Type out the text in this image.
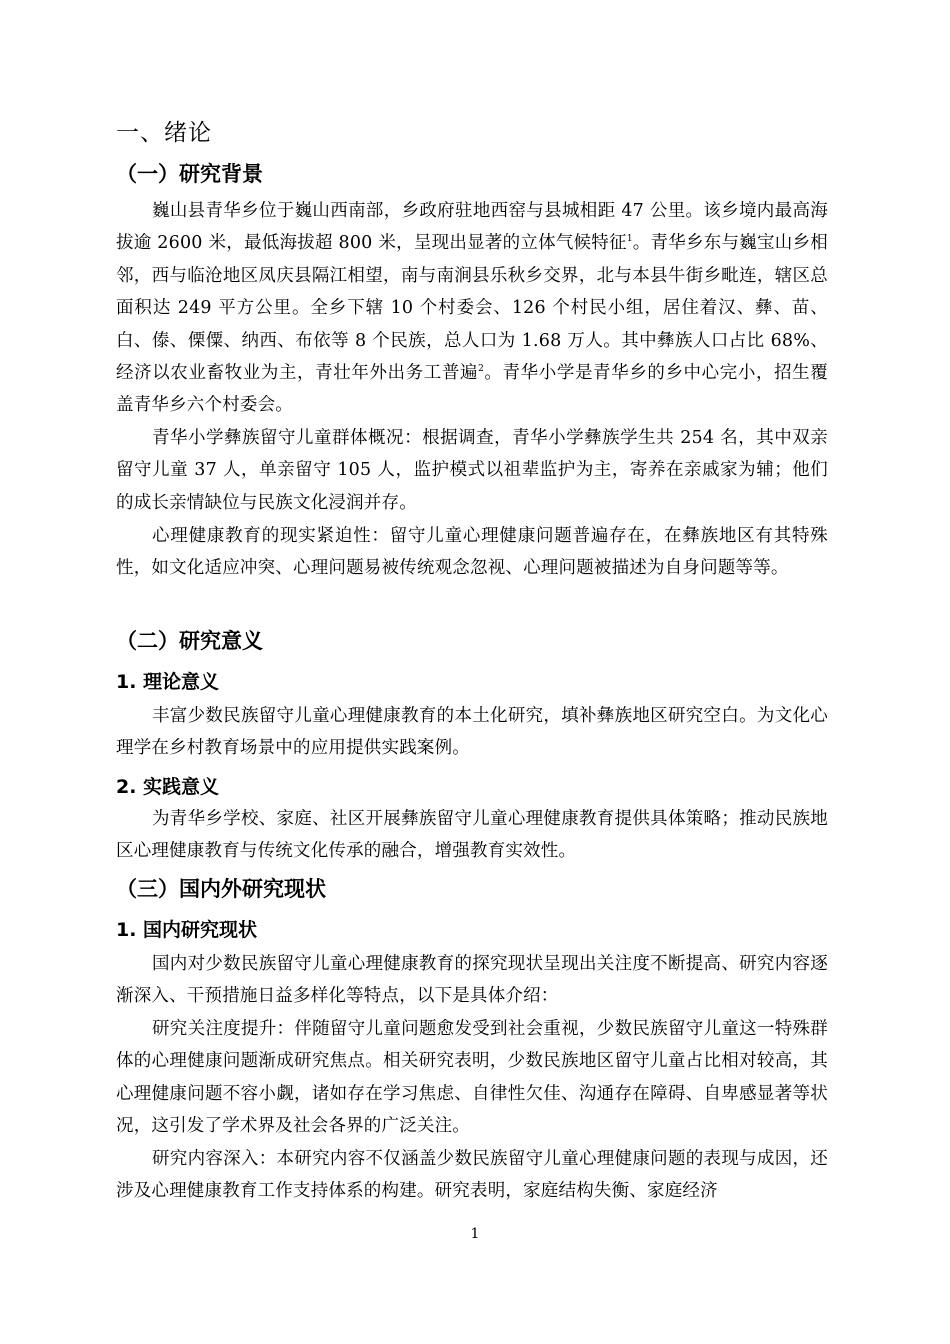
一、绪论
（一）研究背景

巍山县青华乡位于巍山西南部，乡政府驻地西窑与县城相距 47 公里。该乡境内最高海拔逾 2600 米，最低海拔超 800 米，呈现出显著的立体气候特征$^1$。青华乡东与巍宝山乡相邻，西与临沧地区凤庆县隔江相望，南与南涧县乐秋乡交界，北与本县牛街乡毗连，辖区总面积达 249 平方公里。全乡下辖 10 个村委会、126 个村民小组，居住着汉、彝、苗、白、傣、傈僳、纳西、布依等 8 个民族，总人口为 1.68 万人。其中彝族人口占比 68%、经济以农业畜牧业为主，青壮年外出务工普遍$^2$。青华小学是青华乡的乡中心完小，招生覆盖青华乡六个村委会。

青华小学彝族留守儿童群体概况：根据调查，青华小学彝族学生共 254 名，其中双亲留守儿童 37 人，单亲留守 105 人，监护模式以祖辈监护为主，寄养在亲戚家为辅；他们的成长亲情缺位与民族文化浸润并存。

心理健康教育的现实紧迫性：留守儿童心理健康问题普遍存在，在彝族地区有其特殊性，如文化适应冲突、心理问题易被传统观念忽视、心理问题被描述为自身问题等等。

（二）研究意义
1. 理论意义

丰富少数民族留守儿童心理健康教育的本土化研究，填补彝族地区研究空白。为文化心理学在乡村教育场景中的应用提供实践案例。

2. 实践意义

为青华乡学校、家庭、社区开展彝族留守儿童心理健康教育提供具体策略；推动民族地区心理健康教育与传统文化传承的融合，增强教育实效性。

（三）国内外研究现状
1. 国内研究现状

国内对少数民族留守儿童心理健康教育的探究现状呈现出关注度不断提高、研究内容逐渐深入、干预措施日益多样化等特点，以下是具体介绍：

研究关注度提升：伴随留守儿童问题愈发受到社会重视，少数民族留守儿童这一特殊群体的心理健康问题渐成研究焦点。相关研究表明，少数民族地区留守儿童占比相对较高，其心理健康问题不容小觑，诸如存在学习焦虑、自律性欠佳、沟通存在障碍、自卑感显著等状况，这引发了学术界及社会各界的广泛关注。

研究内容深入：本研究内容不仅涵盖少数民族留守儿童心理健康问题的表现与成因，还涉及心理健康教育工作支持体系的构建。研究表明，家庭结构失衡、家庭经济

1
